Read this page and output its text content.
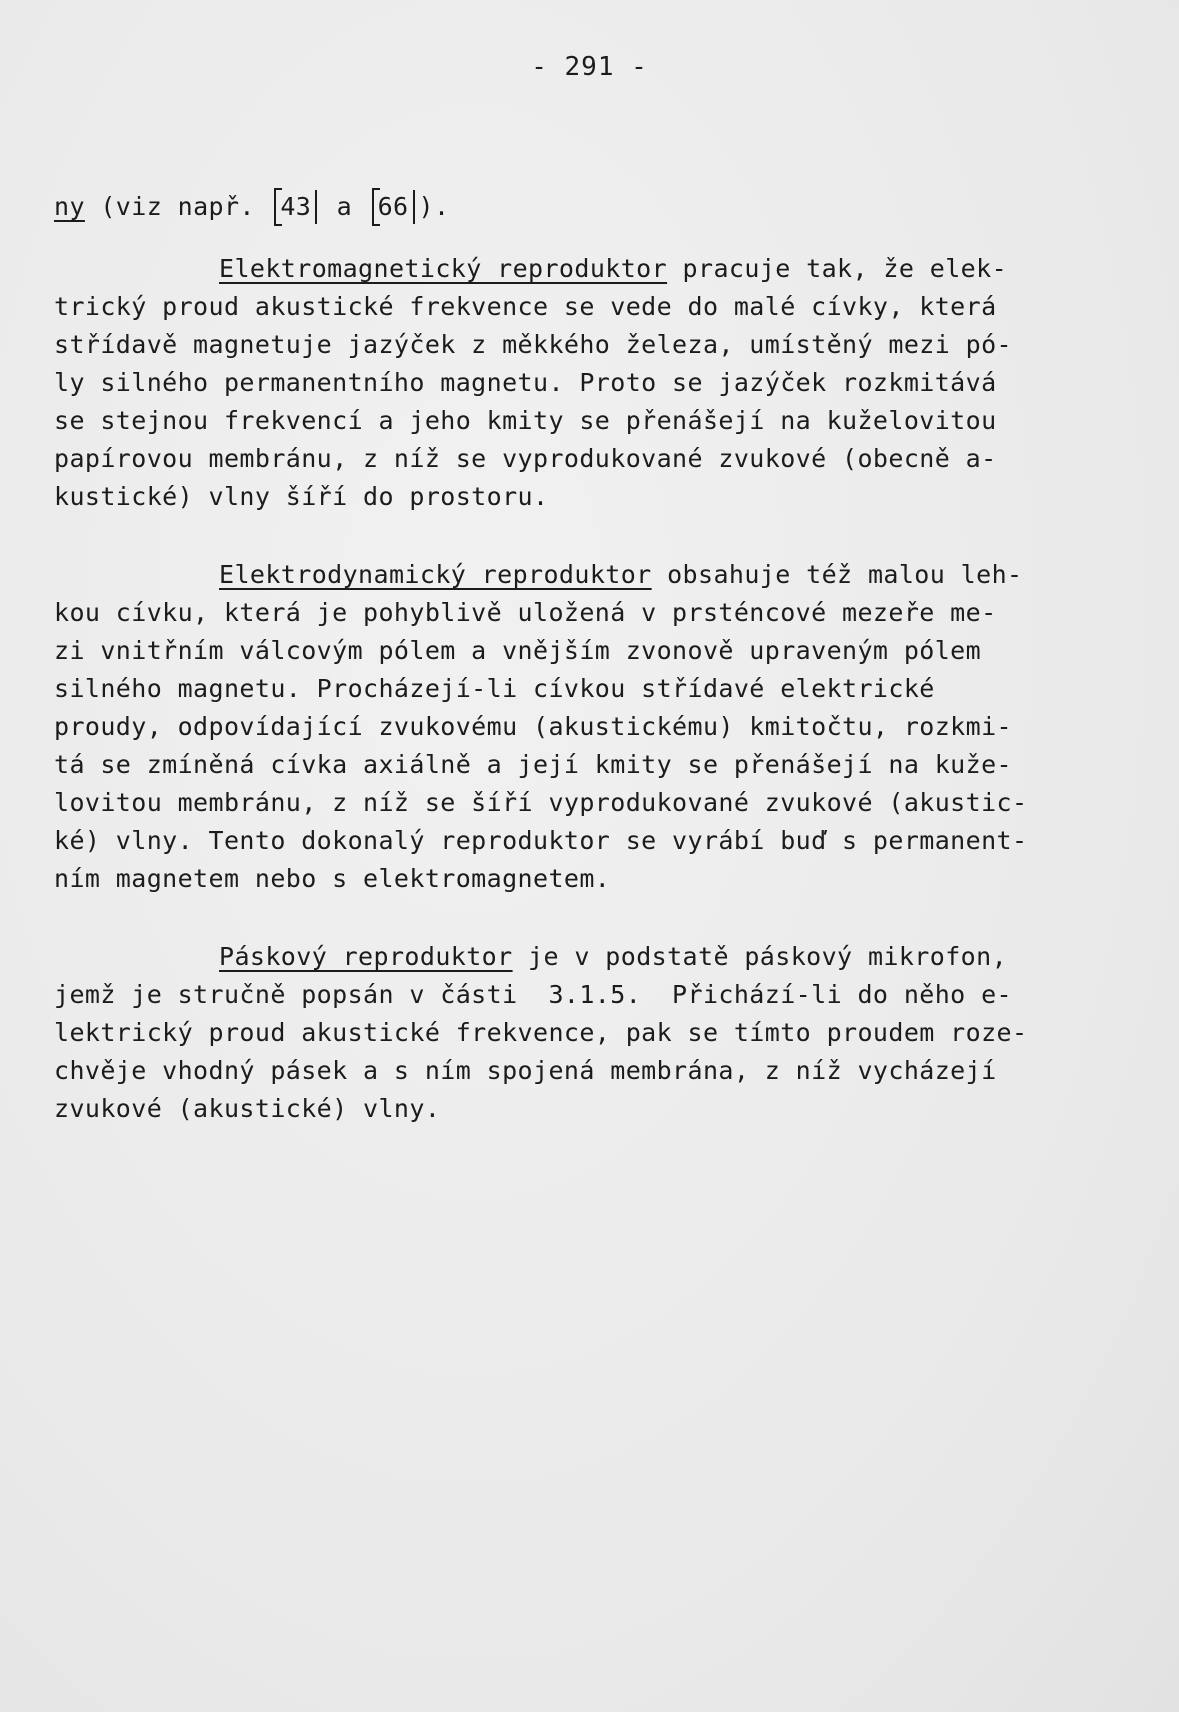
- 291 -
ny (viz např. 43 a 66 ).
Elektromagnetický reproduktor pracuje tak, že elek-
trický proud akustické frekvence se vede do malé cívky, která
střídavě magnetuje jazýček z měkkého železa, umístěný mezi pó-
ly silného permanentního magnetu. Proto se jazýček rozkmitává
se stejnou frekvencí a jeho kmity se přenášejí na kuželovitou
papírovou membránu, z níž se vyprodukované zvukové (obecně a-
kustické) vlny šíří do prostoru.
Elektrodynamický reproduktor obsahuje též malou leh-
kou cívku, která je pohyblivě uložená v prsténcové mezeře me-
zi vnitřním válcovým pólem a vnějším zvonově upraveným pólem
silného magnetu. Procházejí-li cívkou střídavé elektrické
proudy, odpovídající zvukovému (akustickému) kmitočtu, rozkmi-
tá se zmíněná cívka axiálně a její kmity se přenášejí na kuže-
lovitou membránu, z níž se šíří vyprodukované zvukové (akustic-
ké) vlny. Tento dokonalý reproduktor se vyrábí buď s permanent-
ním magnetem nebo s elektromagnetem.
Páskový reproduktor je v podstatě páskový mikrofon,
jemž je stručně popsán v části  3.1.5.  Přichází-li do něho e-
lektrický proud akustické frekvence, pak se tímto proudem roze-
chvěje vhodný pásek a s ním spojená membrána, z níž vycházejí
zvukové (akustické) vlny.
